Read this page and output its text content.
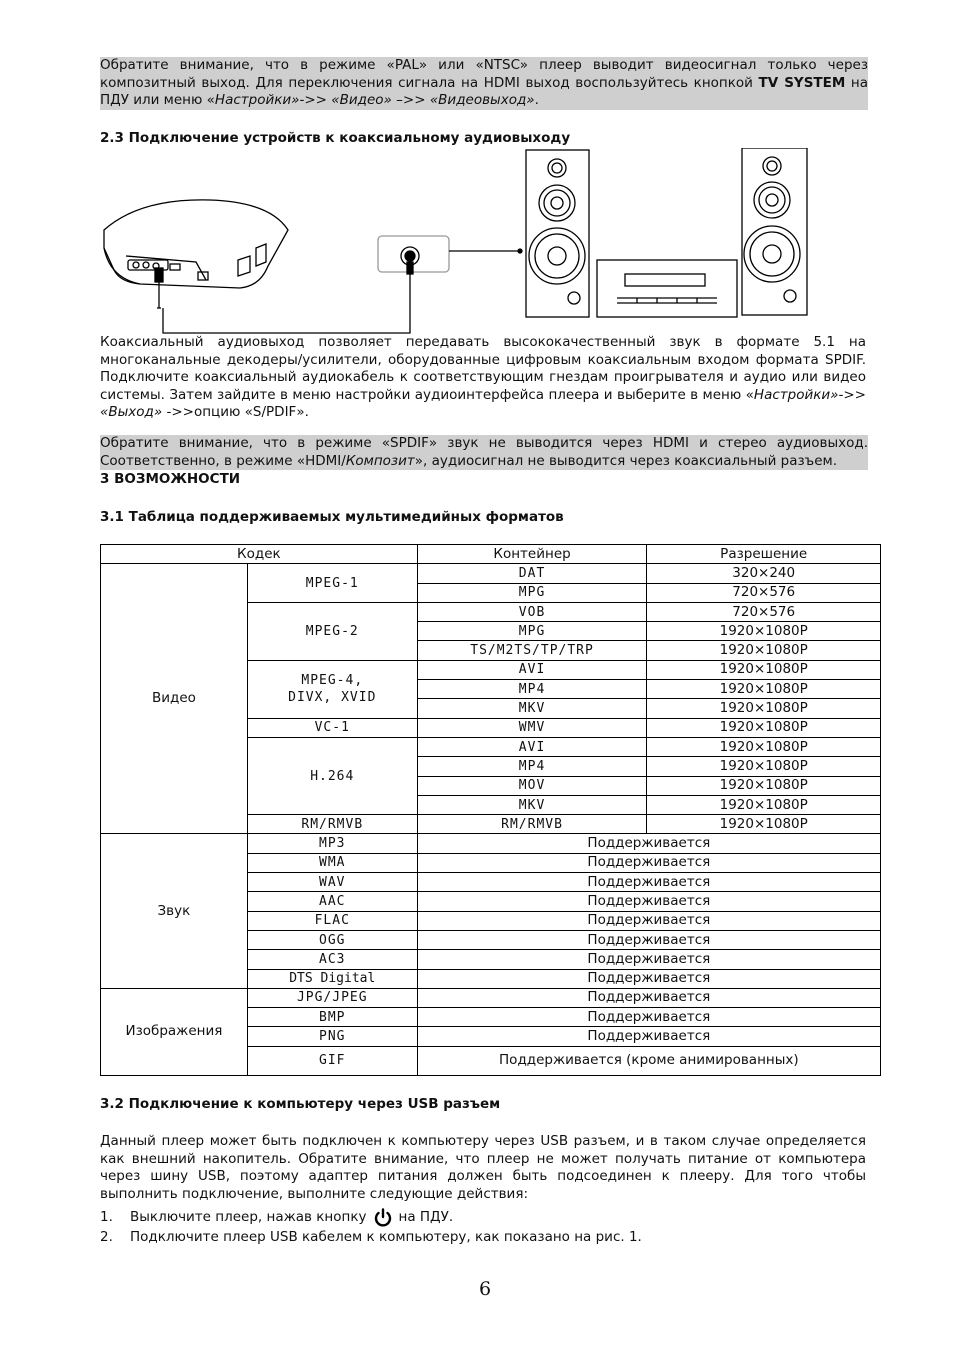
Обратите внимание, что в режиме «PAL» или «NTSC» плеер выводит видеосигнал только через композитный выход. Для переключения сигнала на HDMI выход воспользуйтесь кнопкой TV SYSTEM на ПДУ или меню «Настройки»->> «Видео» –>> «Видеовыход».
2.3 Подключение устройств к коаксиальному аудиовыходу
Коаксиальный аудиовыход позволяет передавать высококачественный звук в формате 5.1 на многоканальные декодеры/усилители, оборудованные цифровым коаксиальным входом формата SPDIF. Подключите коаксиальный аудиокабель к соответствующим гнездам проигрывателя и аудио или видео системы. Затем зайдите в меню настройки аудиоинтерфейса плеера и выберите в меню «Настройки»->> «Выход» ->>опцию «S/PDIF».
Обратите внимание, что в режиме «SPDIF» звук не выводится через HDMI и стерео аудиовыход. Соответственно, в режиме «HDMI/Композит», аудиосигнал не выводится через коаксиальный разъем.
3 ВОЗМОЖНОСТИ
3.1 Таблица поддерживаемых мультимедийных форматов
Кодек		Контейнер	Разрешение
Видео	MPEG-1	DAT	320×240
		MPG	720×576
	MPEG-2	VOB	720×576
		MPG	1920×1080P
		TS/M2TS/TP/TRP	1920×1080P
	MPEG-4, DIVX, XVID	AVI	1920×1080P
		MP4	1920×1080P
		MKV	1920×1080P
	VC-1	WMV	1920×1080P
	H.264	AVI	1920×1080P
		MP4	1920×1080P
		MOV	1920×1080P
		MKV	1920×1080P
	RM/RMVB	RM/RMVB	1920×1080P
Звук	MP3	Поддерживается	
	WMA	Поддерживается	
	WAV	Поддерживается	
	AAC	Поддерживается	
	FLAC	Поддерживается	
	OGG	Поддерживается	
	AC3	Поддерживается	
	DTS Digital	Поддерживается	
Изображения	JPG/JPEG	Поддерживается	
	BMP	Поддерживается	
	PNG	Поддерживается	
	GIF	Поддерживается (кроме анимированных)	
3.2 Подключение к компьютеру через USB разъем
Данный плеер может быть подключен к компьютеру через USB разъем, и в таком случае определяется как внешний накопитель. Обратите внимание, что плеер не может получать питание от компьютера через шину USB, поэтому адаптер питания должен быть подсоединен к плееру. Для того чтобы выполнить подключение, выполните следующие действия:
1.	Выключите плеер, нажав кнопку на ПДУ.
2.	Подключите плеер USB кабелем к компьютеру, как показано на рис. 1.
6
